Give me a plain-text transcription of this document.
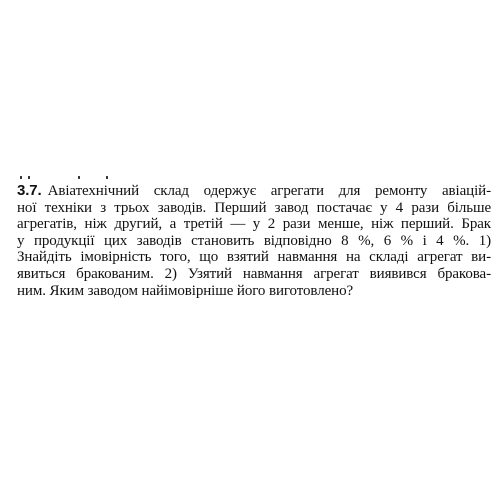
3.7. Авіатехнічний склад одержує агрегати для ремонту авіацій-
ної техніки з трьох заводів. Перший завод постачає у 4 рази більше
агрегатів, ніж другий, а третій — у 2 рази менше, ніж перший. Брак
у продукції цих заводів становить відповідно 8 %, 6 % і 4 %. 1)
Знайдіть імовірність того, що взятий навмання на складі агрегат ви-
явиться бракованим. 2) Узятий навмання агрегат виявився бракова-
ним. Яким заводом найімовірніше його виготовлено?
